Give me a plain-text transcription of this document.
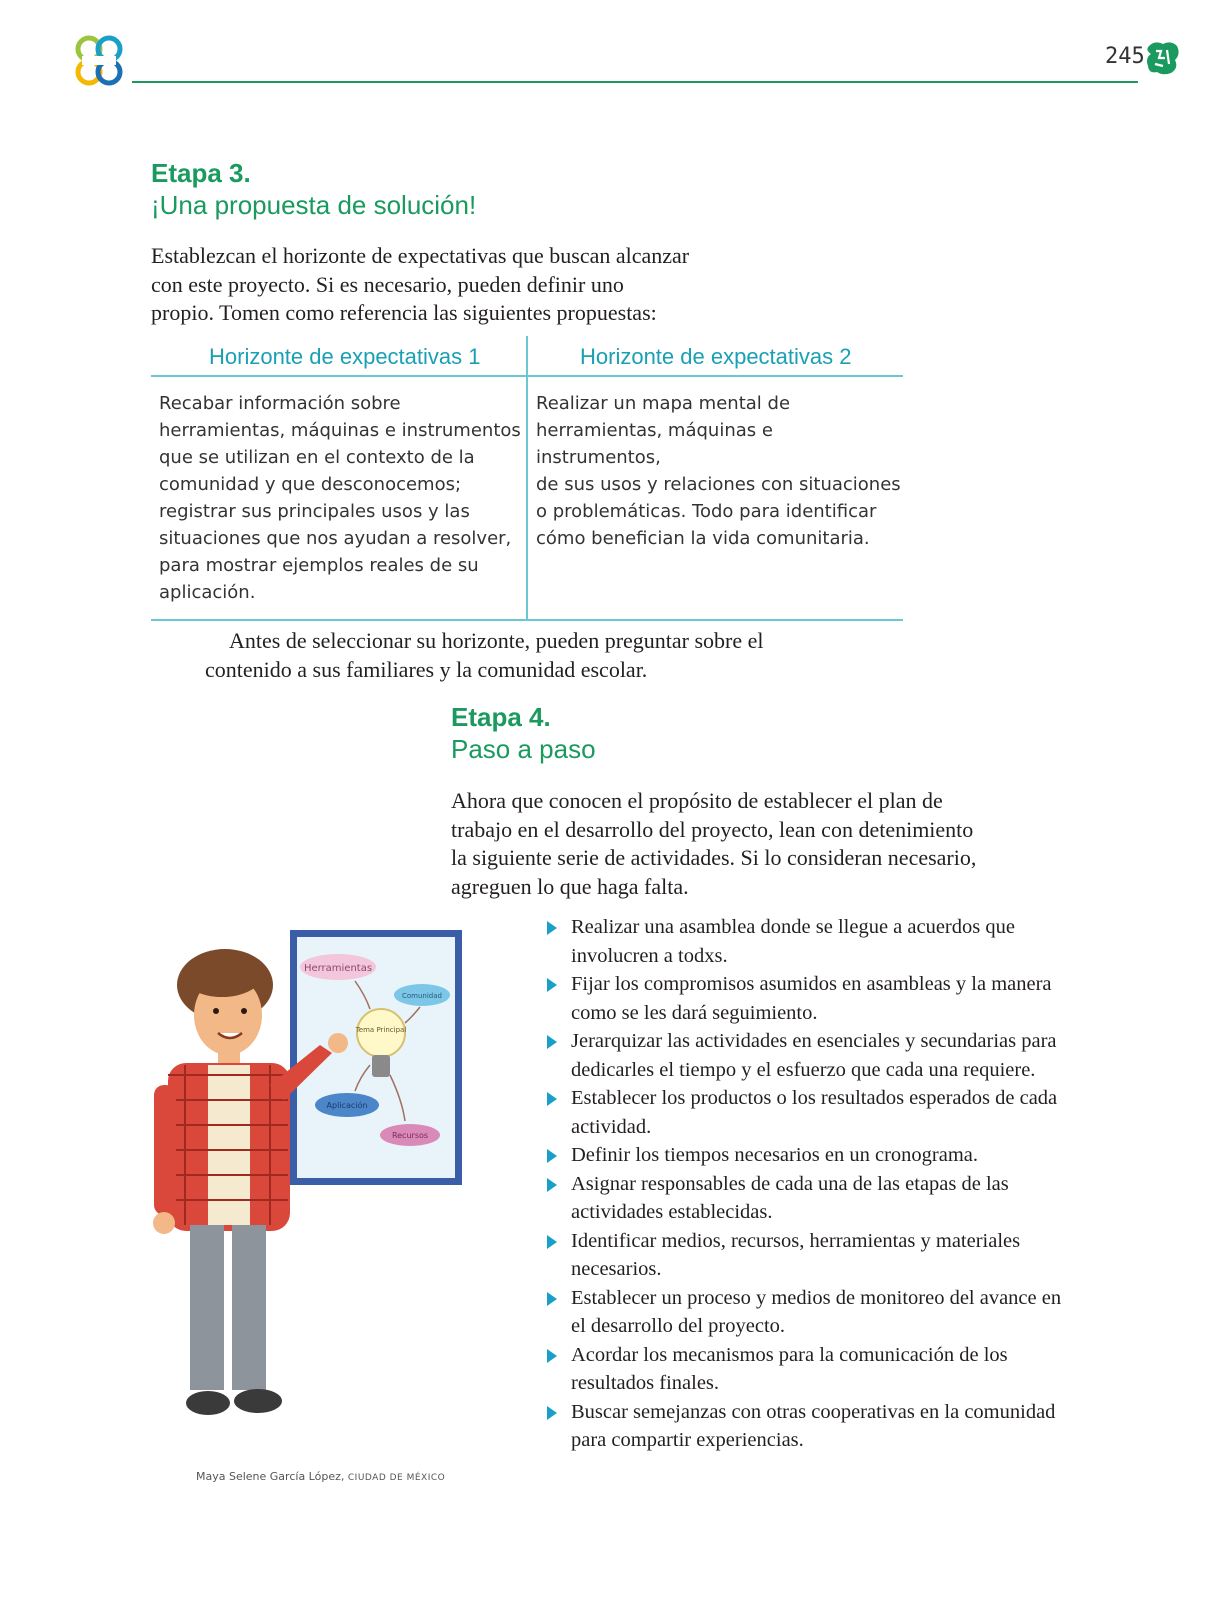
245
Etapa 3.
¡Una propuesta de solución!
Establezcan el horizonte de expectativas que buscan alcanzar
con este proyecto. Si es necesario, pueden definir uno
propio. Tomen como referencia las siguientes propuestas:
Horizonte de expectativas 1	Horizonte de expectativas 2
Recabar información sobre
herramientas, máquinas e instrumentos
que se utilizan en el contexto de la
comunidad y que desconocemos;
registrar sus principales usos y las
situaciones que nos ayudan a resolver,
para mostrar ejemplos reales de su
aplicación.
Realizar un mapa mental de
herramientas, máquinas e instrumentos,
de sus usos y relaciones con situaciones
o problemáticas. Todo para identificar
cómo benefician la vida comunitaria.
Antes de seleccionar su horizonte, pueden preguntar sobre el
contenido a sus familiares y la comunidad escolar.
Etapa 4.
Paso a paso
Ahora que conocen el propósito de establecer el plan de
trabajo en el desarrollo del proyecto, lean con detenimiento
la siguiente serie de actividades. Si lo consideran necesario,
agreguen lo que haga falta.
Realizar una asamblea donde se llegue a acuerdos que involucren a todxs.
Fijar los compromisos asumidos en asambleas y la manera como se les dará seguimiento.
Jerarquizar las actividades en esenciales y secundarias para dedicarles el tiempo y el esfuerzo que cada una requiere.
Establecer los productos o los resultados esperados de cada actividad.
Definir los tiempos necesarios en un cronograma.
Asignar responsables de cada una de las etapas de las actividades establecidas.
Identificar medios, recursos, herramientas y materiales necesarios.
Establecer un proceso y medios de monitoreo del avance en el desarrollo del proyecto.
Acordar los mecanismos para la comunicación de los resultados finales.
Buscar semejanzas con otras cooperativas en la comunidad para compartir experiencias.
Herramientas
Comunidad
Tema Principal
Aplicación
Recursos
Maya Selene García López, CIUDAD DE MÉXICO
